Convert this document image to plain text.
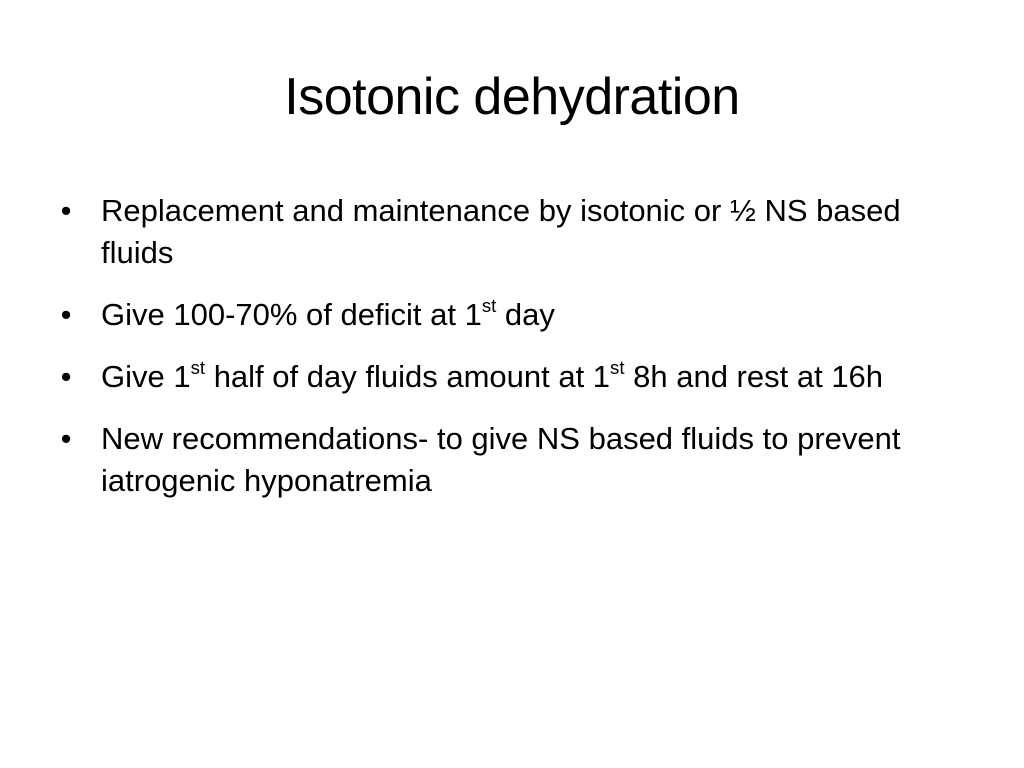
Isotonic dehydration
• Replacement and maintenance by isotonic or ½ NS based fluids
• Give 100-70% of deficit at 1st day
• Give 1st half of day fluids amount at 1st 8h and rest at 16h
• New recommendations- to give NS based fluids to prevent iatrogenic hyponatremia
